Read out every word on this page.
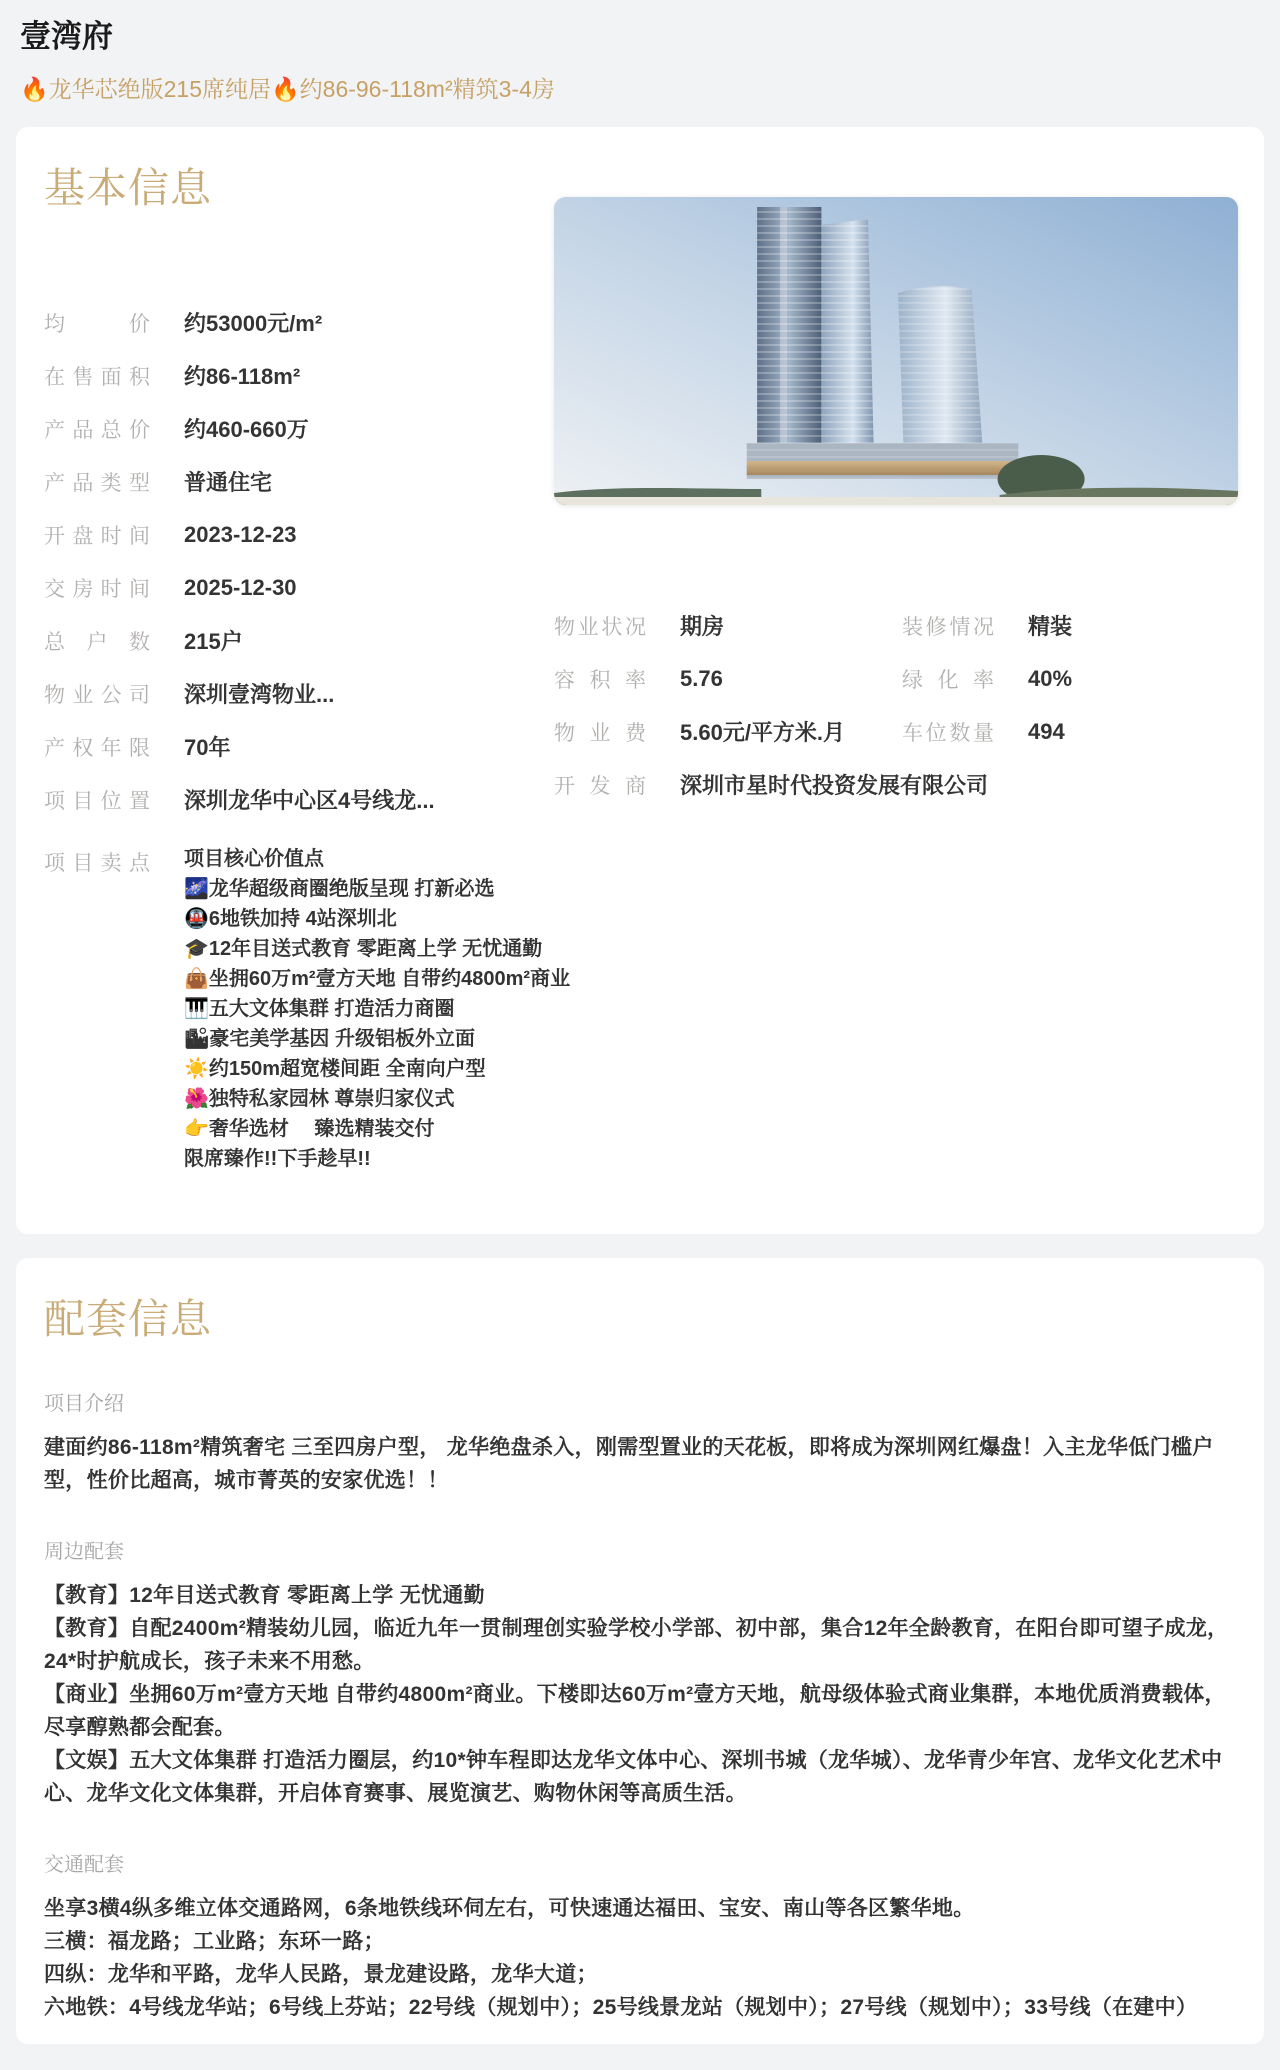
壹湾府
🔥龙华芯绝版215席纯居🔥约86-96-118m²精筑3-4房
基本信息
均价 约53000元/m²
在售面积 约86-118m²
产品总价 约460-660万
产品类型 普通住宅
开盘时间 2023-12-23
交房时间 2025-12-30
总户数 215户
物业公司 深圳壹湾物业...
产权年限 70年
项目位置 深圳龙华中心区4号线龙...
项目卖点 项目核心价值点
🌌龙华超级商圈绝版呈现 打新必选
🚇6地铁加持 4站深圳北
🎓12年目送式教育 零距离上学 无忧通勤
👜坐拥60万m²壹方天地 自带约4800m²商业
🎹五大文体集群 打造活力商圈
🏙豪宅美学基因 升级铝板外立面
☀️约150m超宽楼间距 全南向户型
🌺独特私家园林 尊崇归家仪式
👉奢华选材　 臻选精装交付
限席臻作!!下手趁早!!
物业状况 期房	装修情况 精装
容积率 5.76	绿化率 40%
物业费 5.60元/平方米.月	车位数量 494
开发商 深圳市星时代投资发展有限公司
配套信息
项目介绍
建面约86-118m²精筑奢宅 三至四房户型， 龙华绝盘杀入，刚需型置业的天花板，即将成为深圳网红爆盘！入主龙华低门槛户型，性价比超高，城市菁英的安家优选！！
周边配套
【教育】12年目送式教育 零距离上学 无忧通勤
【教育】自配2400m²精装幼儿园，临近九年一贯制理创实验学校小学部、初中部，集合12年全龄教育，在阳台即可望子成龙，24*时护航成长，孩子未来不用愁。
【商业】坐拥60万m²壹方天地 自带约4800m²商业。下楼即达60万m²壹方天地，航母级体验式商业集群，本地优质消费载体，尽享醇熟都会配套。
【文娱】五大文体集群 打造活力圈层，约10*钟车程即达龙华文体中心、深圳书城（龙华城）、龙华青少年宫、龙华文化艺术中心、龙华文化文体集群，开启体育赛事、展览演艺、购物休闲等高质生活。
交通配套
坐享3横4纵多维立体交通路网，6条地铁线环伺左右，可快速通达福田、宝安、南山等各区繁华地。
三横：福龙路；工业路；东环一路；
四纵：龙华和平路，龙华人民路，景龙建设路，龙华大道；
六地铁：4号线龙华站；6号线上芬站；22号线（规划中）；25号线景龙站（规划中）；27号线（规划中）；33号线（在建中）
